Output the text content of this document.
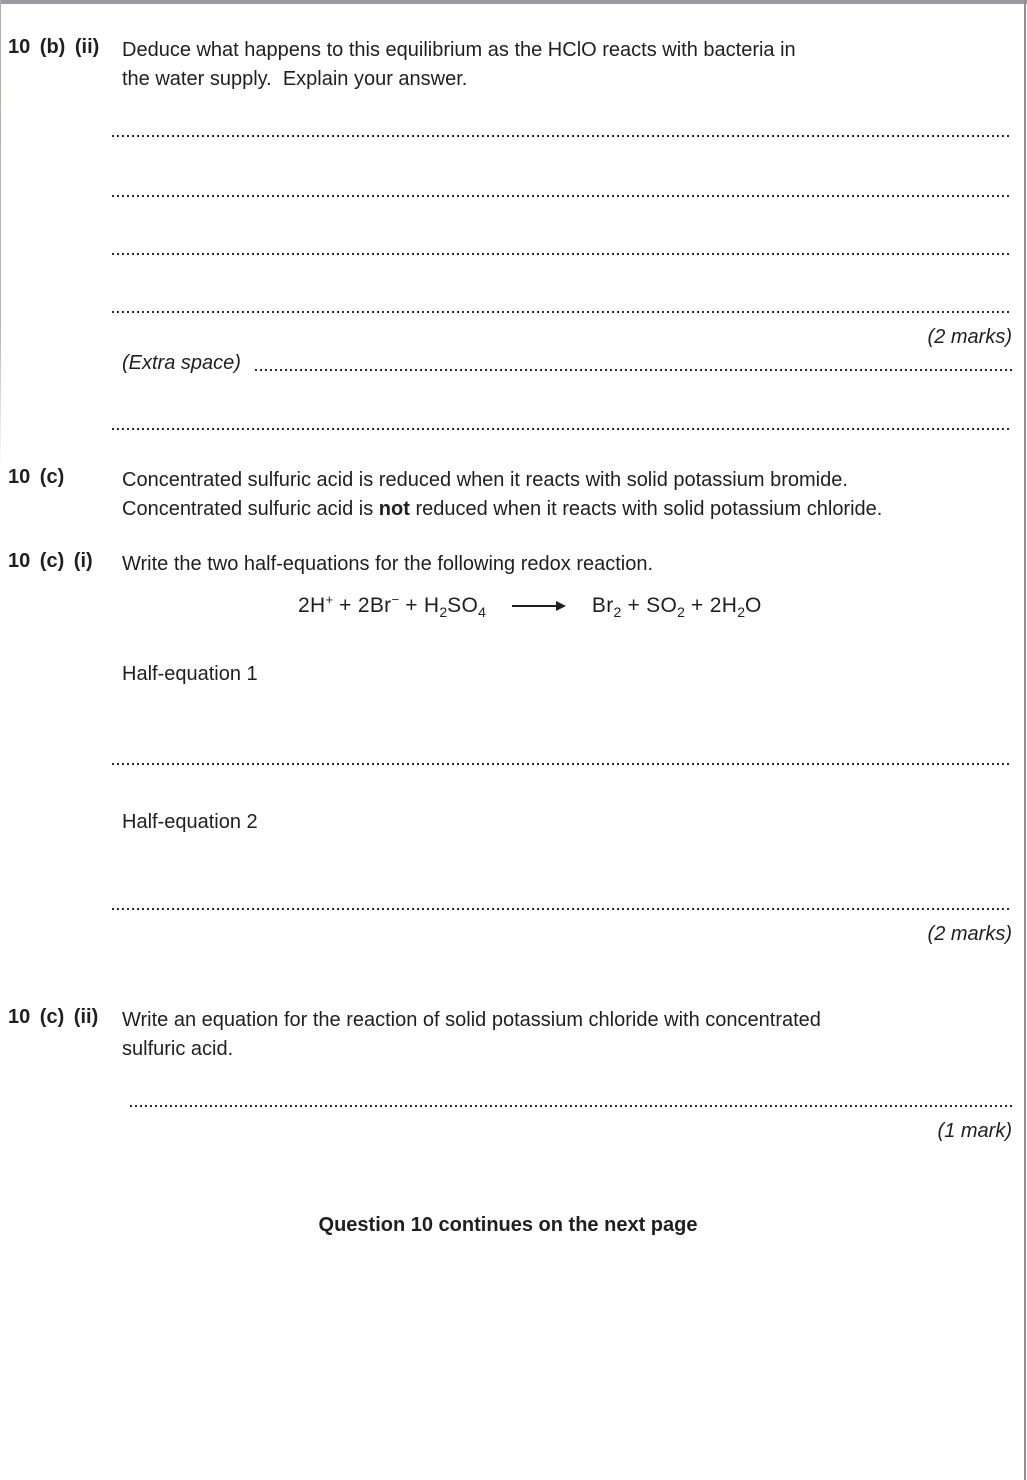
10 (b) (ii) Deduce what happens to this equilibrium as the HClO reacts with bacteria in
the water supply.  Explain your answer.
(2 marks)
(Extra space)
10 (c)	Concentrated sulfuric acid is reduced when it reacts with solid potassium bromide.
Concentrated sulfuric acid is not reduced when it reacts with solid potassium chloride.
10 (c) (i) Write the two half-equations for the following redox reaction.
$2H^+ + 2Br^- + H_2SO_4$	$Br_2 + SO_2 + 2H_2O$
Half-equation 1
Half-equation 2
(2 marks)
10 (c) (ii) Write an equation for the reaction of solid potassium chloride with concentrated
sulfuric acid.
(1 mark)
Question 10 continues on the next page
